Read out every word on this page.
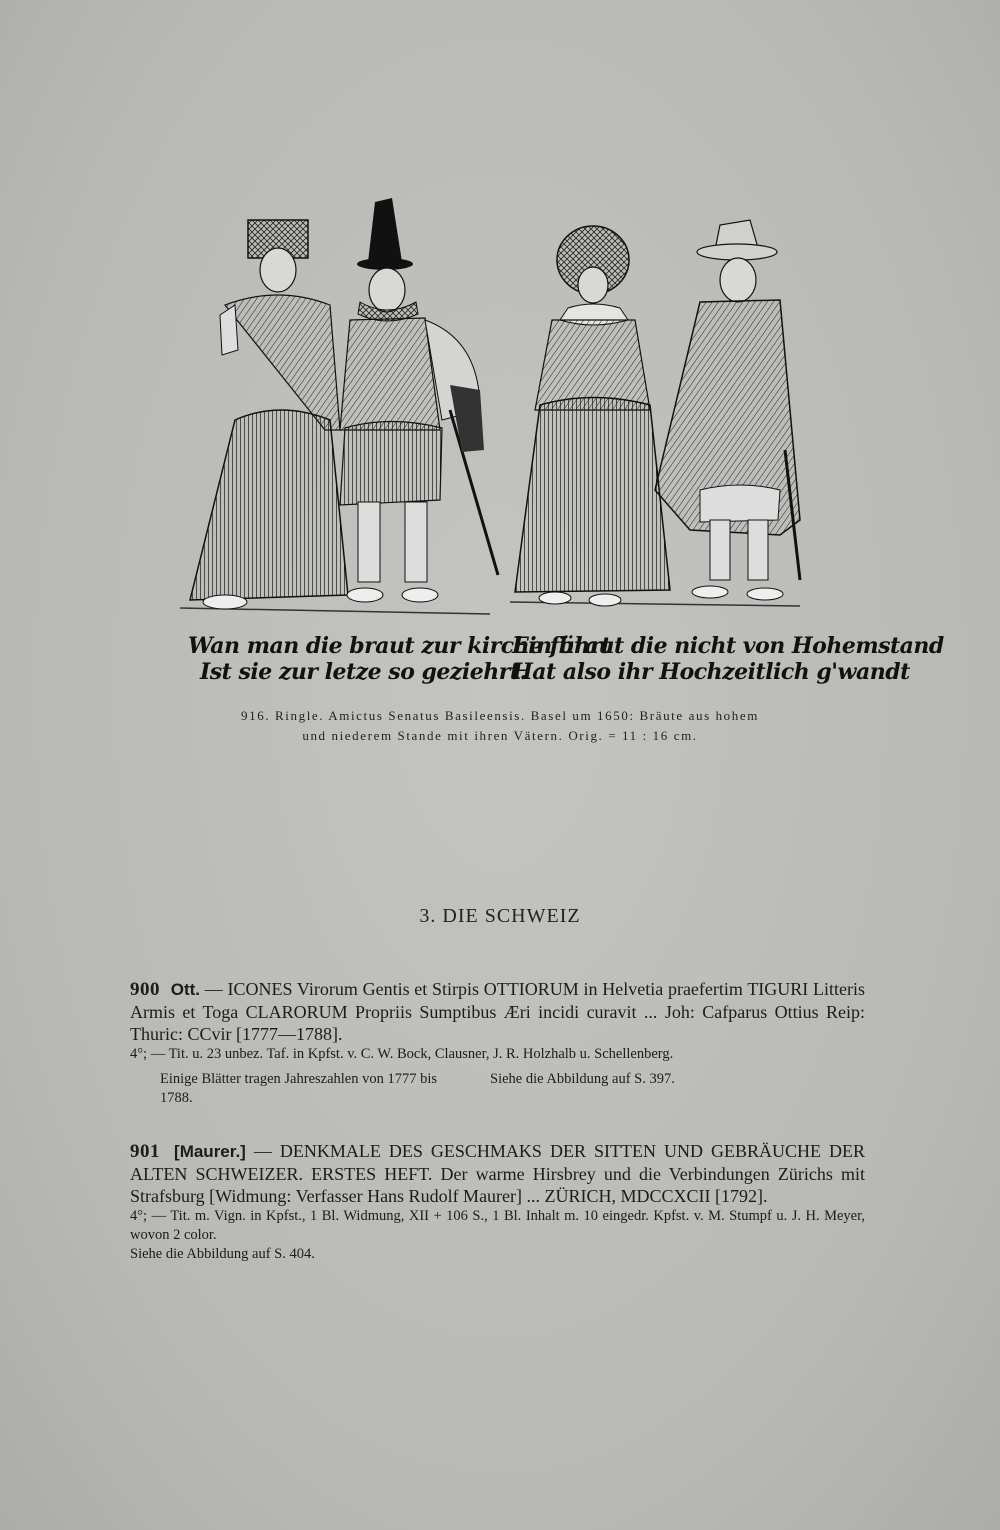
Wan man die braut zur kirche führt
Ist sie zur letze so geziehrt.
Ein braut die nicht von Hohemstand
Hat also ihr Hochzeitlich g'wandt
916. Ringle. Amictus Senatus Basileensis. Basel um 1650: Bräute aus hohem
und niederem Stande mit ihren Vätern. Orig. = 11 : 16 cm.
3. DIE SCHWEIZ

900 Ott. — ICONES Virorum Gentis et Stirpis OTTIORUM in Helvetia praefertim TIGURI Litteris Armis et Toga CLARORUM Propriis Sumptibus Æri incidi curavit ... Joh: Cafparus Ottius Reip: Thuric: CCvir [1777—1788].

4°; — Tit. u. 23 unbez. Taf. in Kpfst. v. C. W. Bock, Clausner, J. R. Holzhalb u. Schellenberg.

Einige Blätter tragen Jahreszahlen von 1777 bis 1788.
Siehe die Abbildung auf S. 397.

901 [Maurer.] — DENKMALE DES GESCHMAKS DER SITTEN UND GEBRÄUCHE DER ALTEN SCHWEIZER. ERSTES HEFT. Der warme Hirsbrey und die Verbindungen Zürichs mit Strafsburg [Widmung: Verfasser Hans Rudolf Maurer] ... ZÜRICH, MDCCXCII [1792].

4°; — Tit. m. Vign. in Kpfst., 1 Bl. Widmung, XII + 106 S., 1 Bl. Inhalt m. 10 eingedr. Kpfst. v. M. Stumpf u. J. H. Meyer, wovon 2 color.

Siehe die Abbildung auf S. 404.
